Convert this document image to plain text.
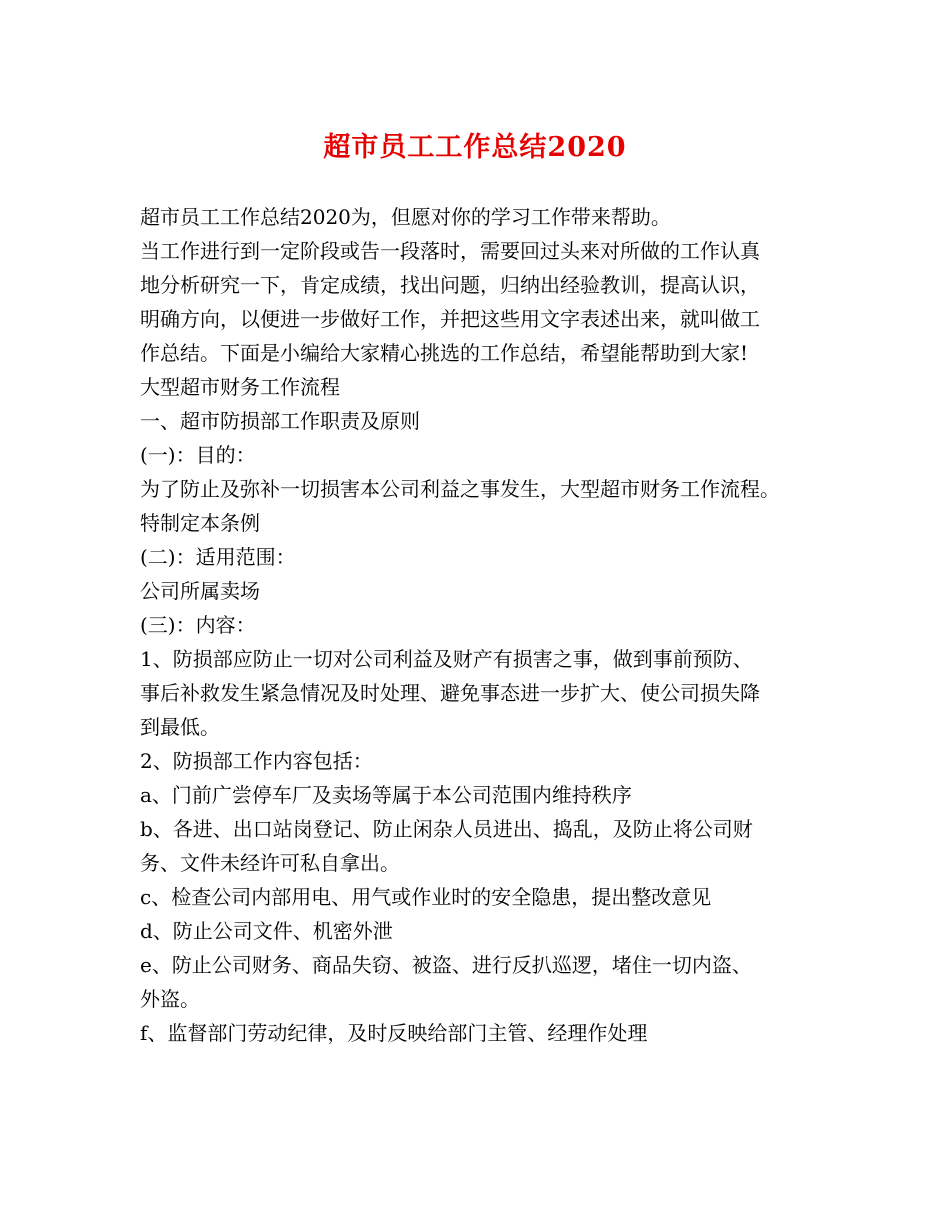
超市员工工作总结2020
超市员工工作总结2020为，但愿对你的学习工作带来帮助。
当工作进行到一定阶段或告一段落时，需要回过头来对所做的工作认真
地分析研究一下，肯定成绩，找出问题，归纳出经验教训，提高认识，
明确方向，以便进一步做好工作，并把这些用文字表述出来，就叫做工
作总结。下面是小编给大家精心挑选的工作总结，希望能帮助到大家!
大型超市财务工作流程
一、超市防损部工作职责及原则
(一)：目的：
为了防止及弥补一切损害本公司利益之事发生，大型超市财务工作流程。
特制定本条例
(二)：适用范围：
公司所属卖场
(三)：内容：
1、防损部应防止一切对公司利益及财产有损害之事，做到事前预防、
事后补救发生紧急情况及时处理、避免事态进一步扩大、使公司损失降
到最低。
2、防损部工作内容包括：
a、门前广尝停车厂及卖场等属于本公司范围内维持秩序
b、各进、出口站岗登记、防止闲杂人员进出、捣乱，及防止将公司财
务、文件未经许可私自拿出。
c、检查公司内部用电、用气或作业时的安全隐患，提出整改意见
d、防止公司文件、机密外泄
e、防止公司财务、商品失窃、被盗、进行反扒巡逻，堵住一切内盗、
外盗。
f、监督部门劳动纪律，及时反映给部门主管、经理作处理
